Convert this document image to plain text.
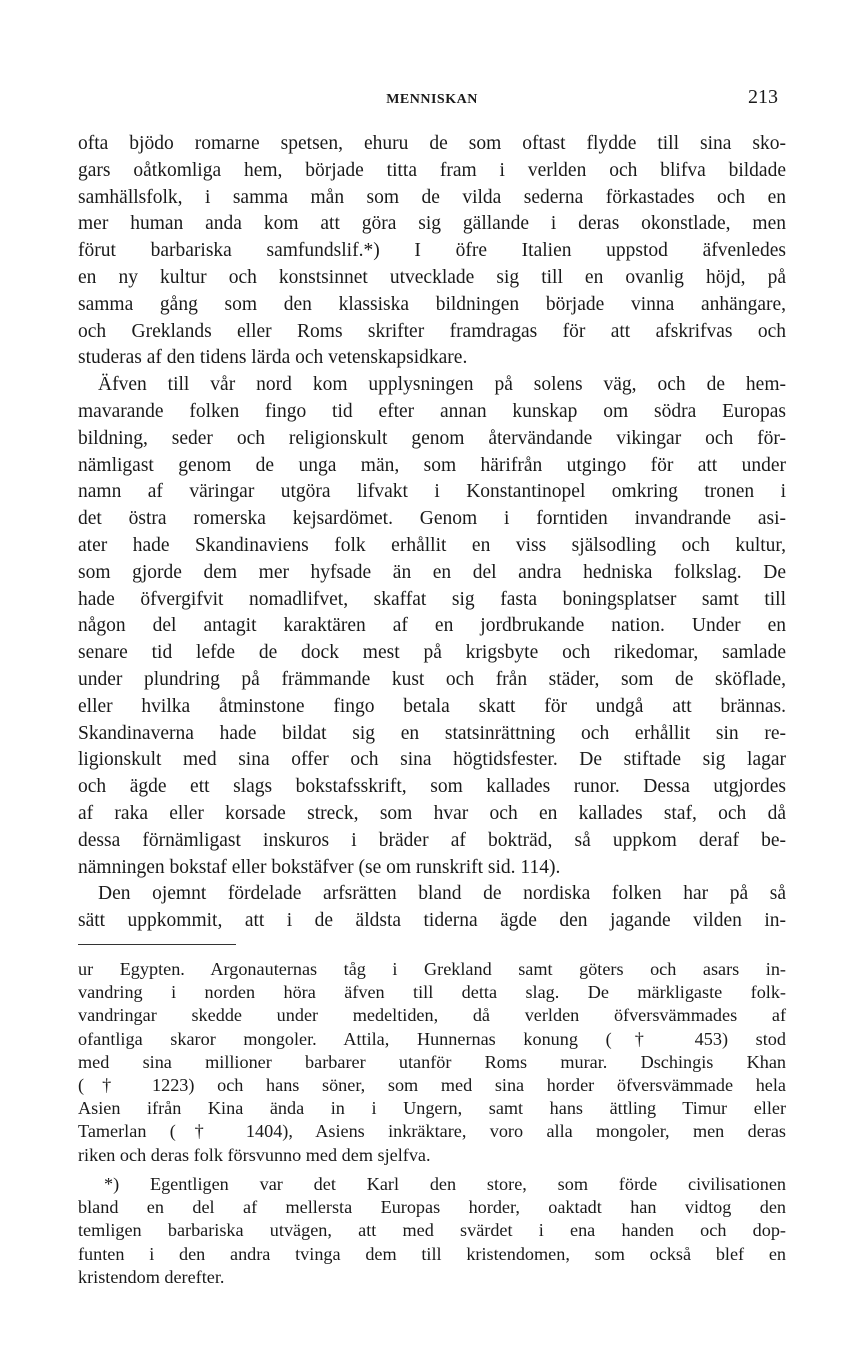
MENNISKAN	213
ofta bjödo romarne spetsen, ehuru de som oftast flydde till sina sko-
gars oåtkomliga hem, började titta fram i verlden och blifva bildade
samhällsfolk, i samma mån som de vilda sederna förkastades och en
mer human anda kom att göra sig gällande i deras okonstlade, men
förut barbariska samfundslif.*) I öfre Italien uppstod äfvenledes
en ny kultur och konstsinnet utvecklade sig till en ovanlig höjd, på
samma gång som den klassiska bildningen började vinna anhängare,
och Greklands eller Roms skrifter framdragas för att afskrifvas och
studeras af den tidens lärda och vetenskapsidkare.
Äfven till vår nord kom upplysningen på solens väg, och de hem-
mavarande folken fingo tid efter annan kunskap om södra Europas
bildning, seder och religionskult genom återvändande vikingar och för-
nämligast genom de unga män, som härifrån utgingo för att under
namn af väringar utgöra lifvakt i Konstantinopel omkring tronen i
det östra romerska kejsardömet. Genom i forntiden invandrande asi-
ater hade Skandinaviens folk erhållit en viss själsodling och kultur,
som gjorde dem mer hyfsade än en del andra hedniska folkslag. De
hade öfvergifvit nomadlifvet, skaffat sig fasta boningsplatser samt till
någon del antagit karaktären af en jordbrukande nation. Under en
senare tid lefde de dock mest på krigsbyte och rikedomar, samlade
under plundring på främmande kust och från städer, som de sköflade,
eller hvilka åtminstone fingo betala skatt för undgå att brännas.
Skandinaverna hade bildat sig en statsinrättning och erhållit sin re-
ligionskult med sina offer och sina högtidsfester. De stiftade sig lagar
och ägde ett slags bokstafsskrift, som kallades runor. Dessa utgjordes
af raka eller korsade streck, som hvar och en kallades staf, och då
dessa förnämligast inskuros i bräder af bokträd, så uppkom deraf be-
nämningen bokstaf eller bokstäfver (se om runskrift sid. 114).
Den ojemnt fördelade arfsrätten bland de nordiska folken har på så
sätt uppkommit, att i de äldsta tiderna ägde den jagande vilden in-
ur Egypten. Argonauternas tåg i Grekland samt göters och asars in-
vandring i norden höra äfven till detta slag. De märkligaste folk-
vandringar skedde under medeltiden, då verlden öfversvämmades af
ofantliga skaror mongoler. Attila, Hunnernas konung († 453) stod
med sina millioner barbarer utanför Roms murar. Dschingis Khan
(† 1223) och hans söner, som med sina horder öfversvämmade hela
Asien ifrån Kina ända in i Ungern, samt hans ättling Timur eller
Tamerlan († 1404), Asiens inkräktare, voro alla mongoler, men deras
riken och deras folk försvunno med dem sjelfva.
*) Egentligen var det Karl den store, som förde civilisationen
bland en del af mellersta Europas horder, oaktadt han vidtog den
temligen barbariska utvägen, att med svärdet i ena handen och dop-
funten i den andra tvinga dem till kristendomen, som också blef en
kristendom derefter.
